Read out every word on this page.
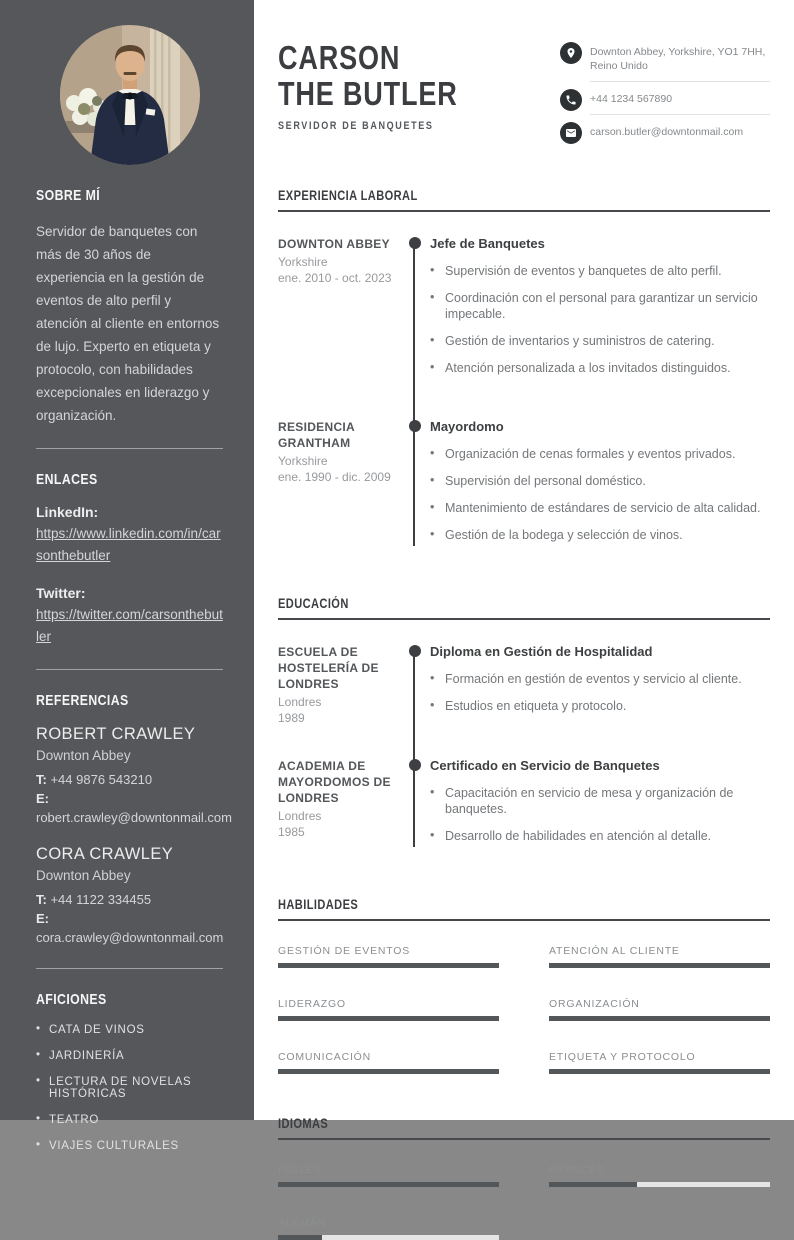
SOBRE MÍ

Servidor de banquetes con más de 30 años de experiencia en la gestión de eventos de alto perfil y atención al cliente en entornos de lujo. Experto en etiqueta y protocolo, con habilidades excepcionales en liderazgo y organización.

ENLACES
LinkedIn:
https://www.linkedin.com/in/carsonthebutler
Twitter:
https://twitter.com/carsonthebutler
REFERENCIAS
ROBERT CRAWLEY
Downton Abbey
T: +44 9876 543210
E: robert.crawley@downtonmail.com
CORA CRAWLEY
Downton Abbey
T: +44 1122 334455
E: cora.crawley@downtonmail.com
AFICIONES
• CATA DE VINOS
• JARDINERÍA
• LECTURA DE NOVELAS HISTÓRICAS
• TEATRO
• VIAJES CULTURALES
CARSON
THE BUTLER
SERVIDOR DE BANQUETES
Downton Abbey, Yorkshire, YO1 7HH, Reino Unido
+44 1234 567890
carson.butler@downtonmail.com
EXPERIENCIA LABORAL
DOWNTON ABBEY
Yorkshire
ene. 2010 - oct. 2023
Jefe de Banquetes
• Supervisión de eventos y banquetes de alto perfil.
• Coordinación con el personal para garantizar un servicio impecable.
• Gestión de inventarios y suministros de catering.
• Atención personalizada a los invitados distinguidos.
RESIDENCIA GRANTHAM
Yorkshire
ene. 1990 - dic. 2009
Mayordomo
• Organización de cenas formales y eventos privados.
• Supervisión del personal doméstico.
• Mantenimiento de estándares de servicio de alta calidad.
• Gestión de la bodega y selección de vinos.
EDUCACIÓN
ESCUELA DE HOSTELERÍA DE LONDRES
Londres
1989
Diploma en Gestión de Hospitalidad
• Formación en gestión de eventos y servicio al cliente.
• Estudios en etiqueta y protocolo.
ACADEMIA DE MAYORDOMOS DE LONDRES
Londres
1985
Certificado en Servicio de Banquetes
• Capacitación en servicio de mesa y organización de banquetes.
• Desarrollo de habilidades en atención al detalle.
HABILIDADES
GESTIÓN DE EVENTOS	ATENCIÓN AL CLIENTE
LIDERAZGO	ORGANIZACIÓN
COMUNICACIÓN	ETIQUETA Y PROTOCOLO
IDIOMAS
INGLÉS	FRANCÉS
ALEMÁN
